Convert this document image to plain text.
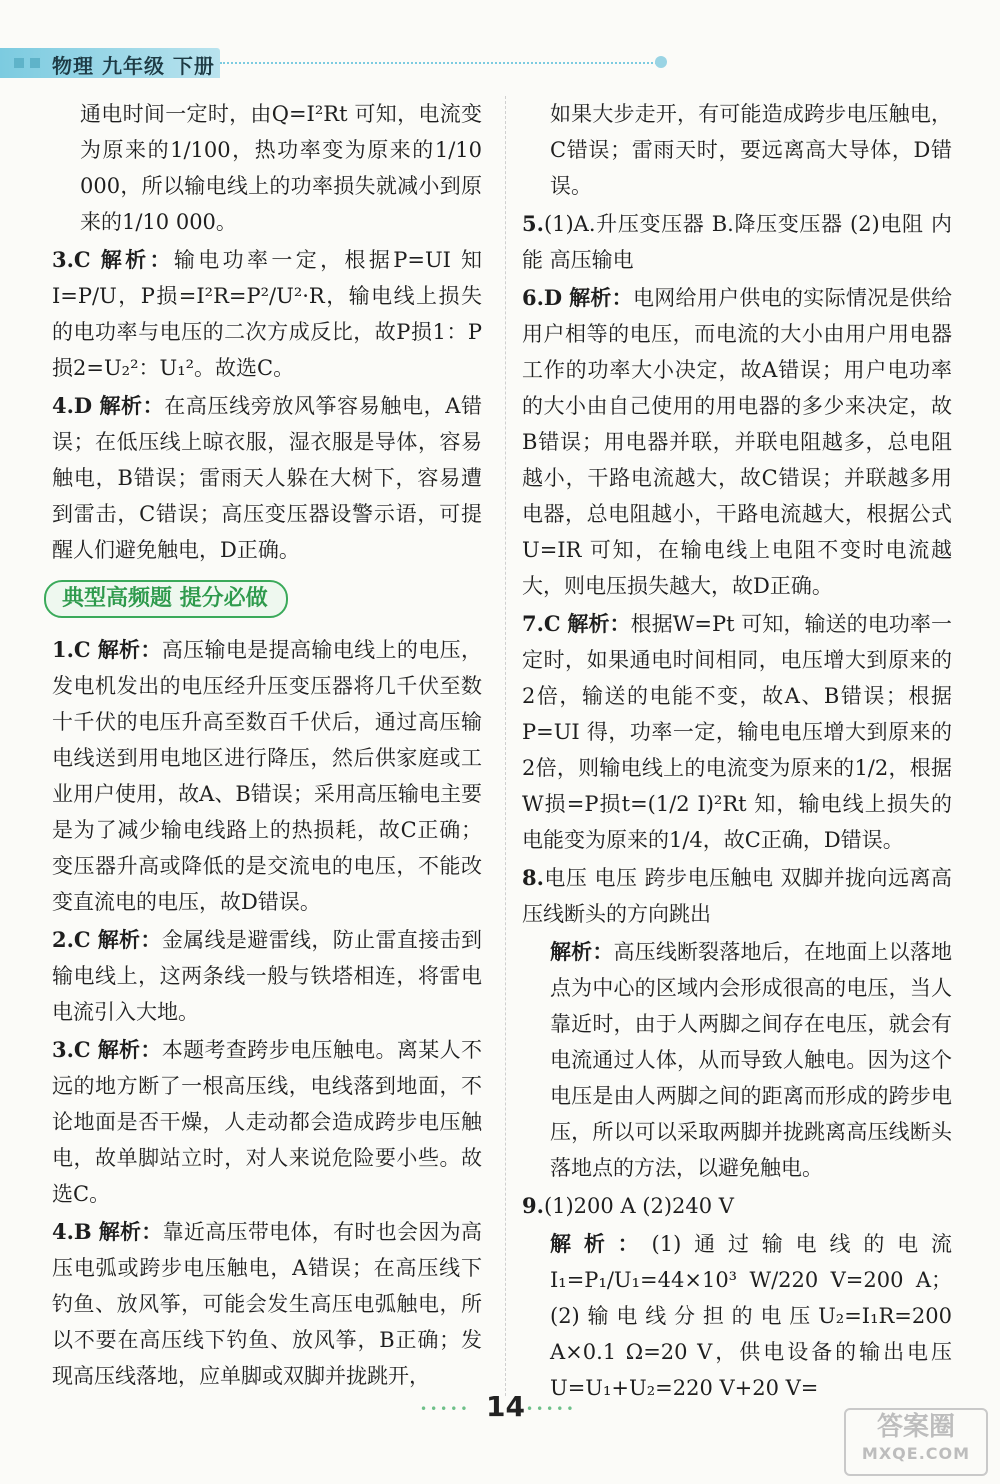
物理 九年级 下册

通电时间一定时，由Q=I²Rt 可知，电流变为原来的1/100，热功率变为原来的1/10 000，所以输电线上的功率损失就减小到原来的1/10 000。

3.C 解析：输电功率一定，根据P=UI 知I=P/U，P损=I²R=P²/U²·R，输电线上损失的电功率与电压的二次方成反比，故P损1：P损2=U₂²：U₁²。故选C。

4.D 解析：在高压线旁放风筝容易触电，A错误；在低压线上晾衣服，湿衣服是导体，容易触电，B错误；雷雨天人躲在大树下，容易遭到雷击，C错误；高压变压器设警示语，可提醒人们避免触电，D正确。

典型高频题 提分必做

1.C 解析：高压输电是提高输电线上的电压，发电机发出的电压经升压变压器将几千伏至数十千伏的电压升高至数百千伏后，通过高压输电线送到用电地区进行降压，然后供家庭或工业用户使用，故A、B错误；采用高压输电主要是为了减少输电线路上的热损耗，故C正确；变压器升高或降低的是交流电的电压，不能改变直流电的电压，故D错误。

2.C 解析：金属线是避雷线，防止雷直接击到输电线上，这两条线一般与铁塔相连，将雷电电流引入大地。

3.C 解析：本题考查跨步电压触电。离某人不远的地方断了一根高压线，电线落到地面，不论地面是否干燥，人走动都会造成跨步电压触电，故单脚站立时，对人来说危险要小些。故选C。

4.B 解析：靠近高压带电体，有时也会因为高压电弧或跨步电压触电，A错误；在高压线下钓鱼、放风筝，可能会发生高压电弧触电，所以不要在高压线下钓鱼、放风筝，B正确；发现高压线落地，应单脚或双脚并拢跳开，

如果大步走开，有可能造成跨步电压触电，C错误；雷雨天时，要远离高大导体，D错误。

5.(1)A.升压变压器 B.降压变压器 (2)电阻 内能 高压输电

6.D 解析：电网给用户供电的实际情况是供给用户相等的电压，而电流的大小由用户用电器工作的功率大小决定，故A错误；用户电功率的大小由自己使用的用电器的多少来决定，故B错误；用电器并联，并联电阻越多，总电阻越小，干路电流越大，故C错误；并联越多用电器，总电阻越小，干路电流越大，根据公式U=IR 可知，在输电线上电阻不变时电流越大，则电压损失越大，故D正确。

7.C 解析：根据W=Pt 可知，输送的电功率一定时，如果通电时间相同，电压增大到原来的2倍，输送的电能不变，故A、B错误；根据P=UI 得，功率一定，输电电压增大到原来的2倍，则输电线上的电流变为原来的1/2，根据W损=P损t=(1/2 I)²Rt 知，输电线上损失的电能变为原来的1/4，故C正确，D错误。

8.电压 电压 跨步电压触电 双脚并拢向远离高压线断头的方向跳出

解析：高压线断裂落地后，在地面上以落地点为中心的区域内会形成很高的电压，当人靠近时，由于人两脚之间存在电压，就会有电流通过人体，从而导致人触电。因为这个电压是由人两脚之间的距离而形成的跨步电压，所以可以采取两脚并拢跳离高压线断头落地点的方法，以避免触电。

9.(1)200 A (2)240 V

解析：(1)通过输电线的电流 I₁=P₁/U₁=44×10³ W/220 V=200 A；(2)输电线分担的电压U₂=I₁R=200 A×0.1 Ω=20 V，供电设备的输出电压U=U₁+U₂=220 V+20 V=

••••• 14 •••••
答案圈
MXQE.COM
